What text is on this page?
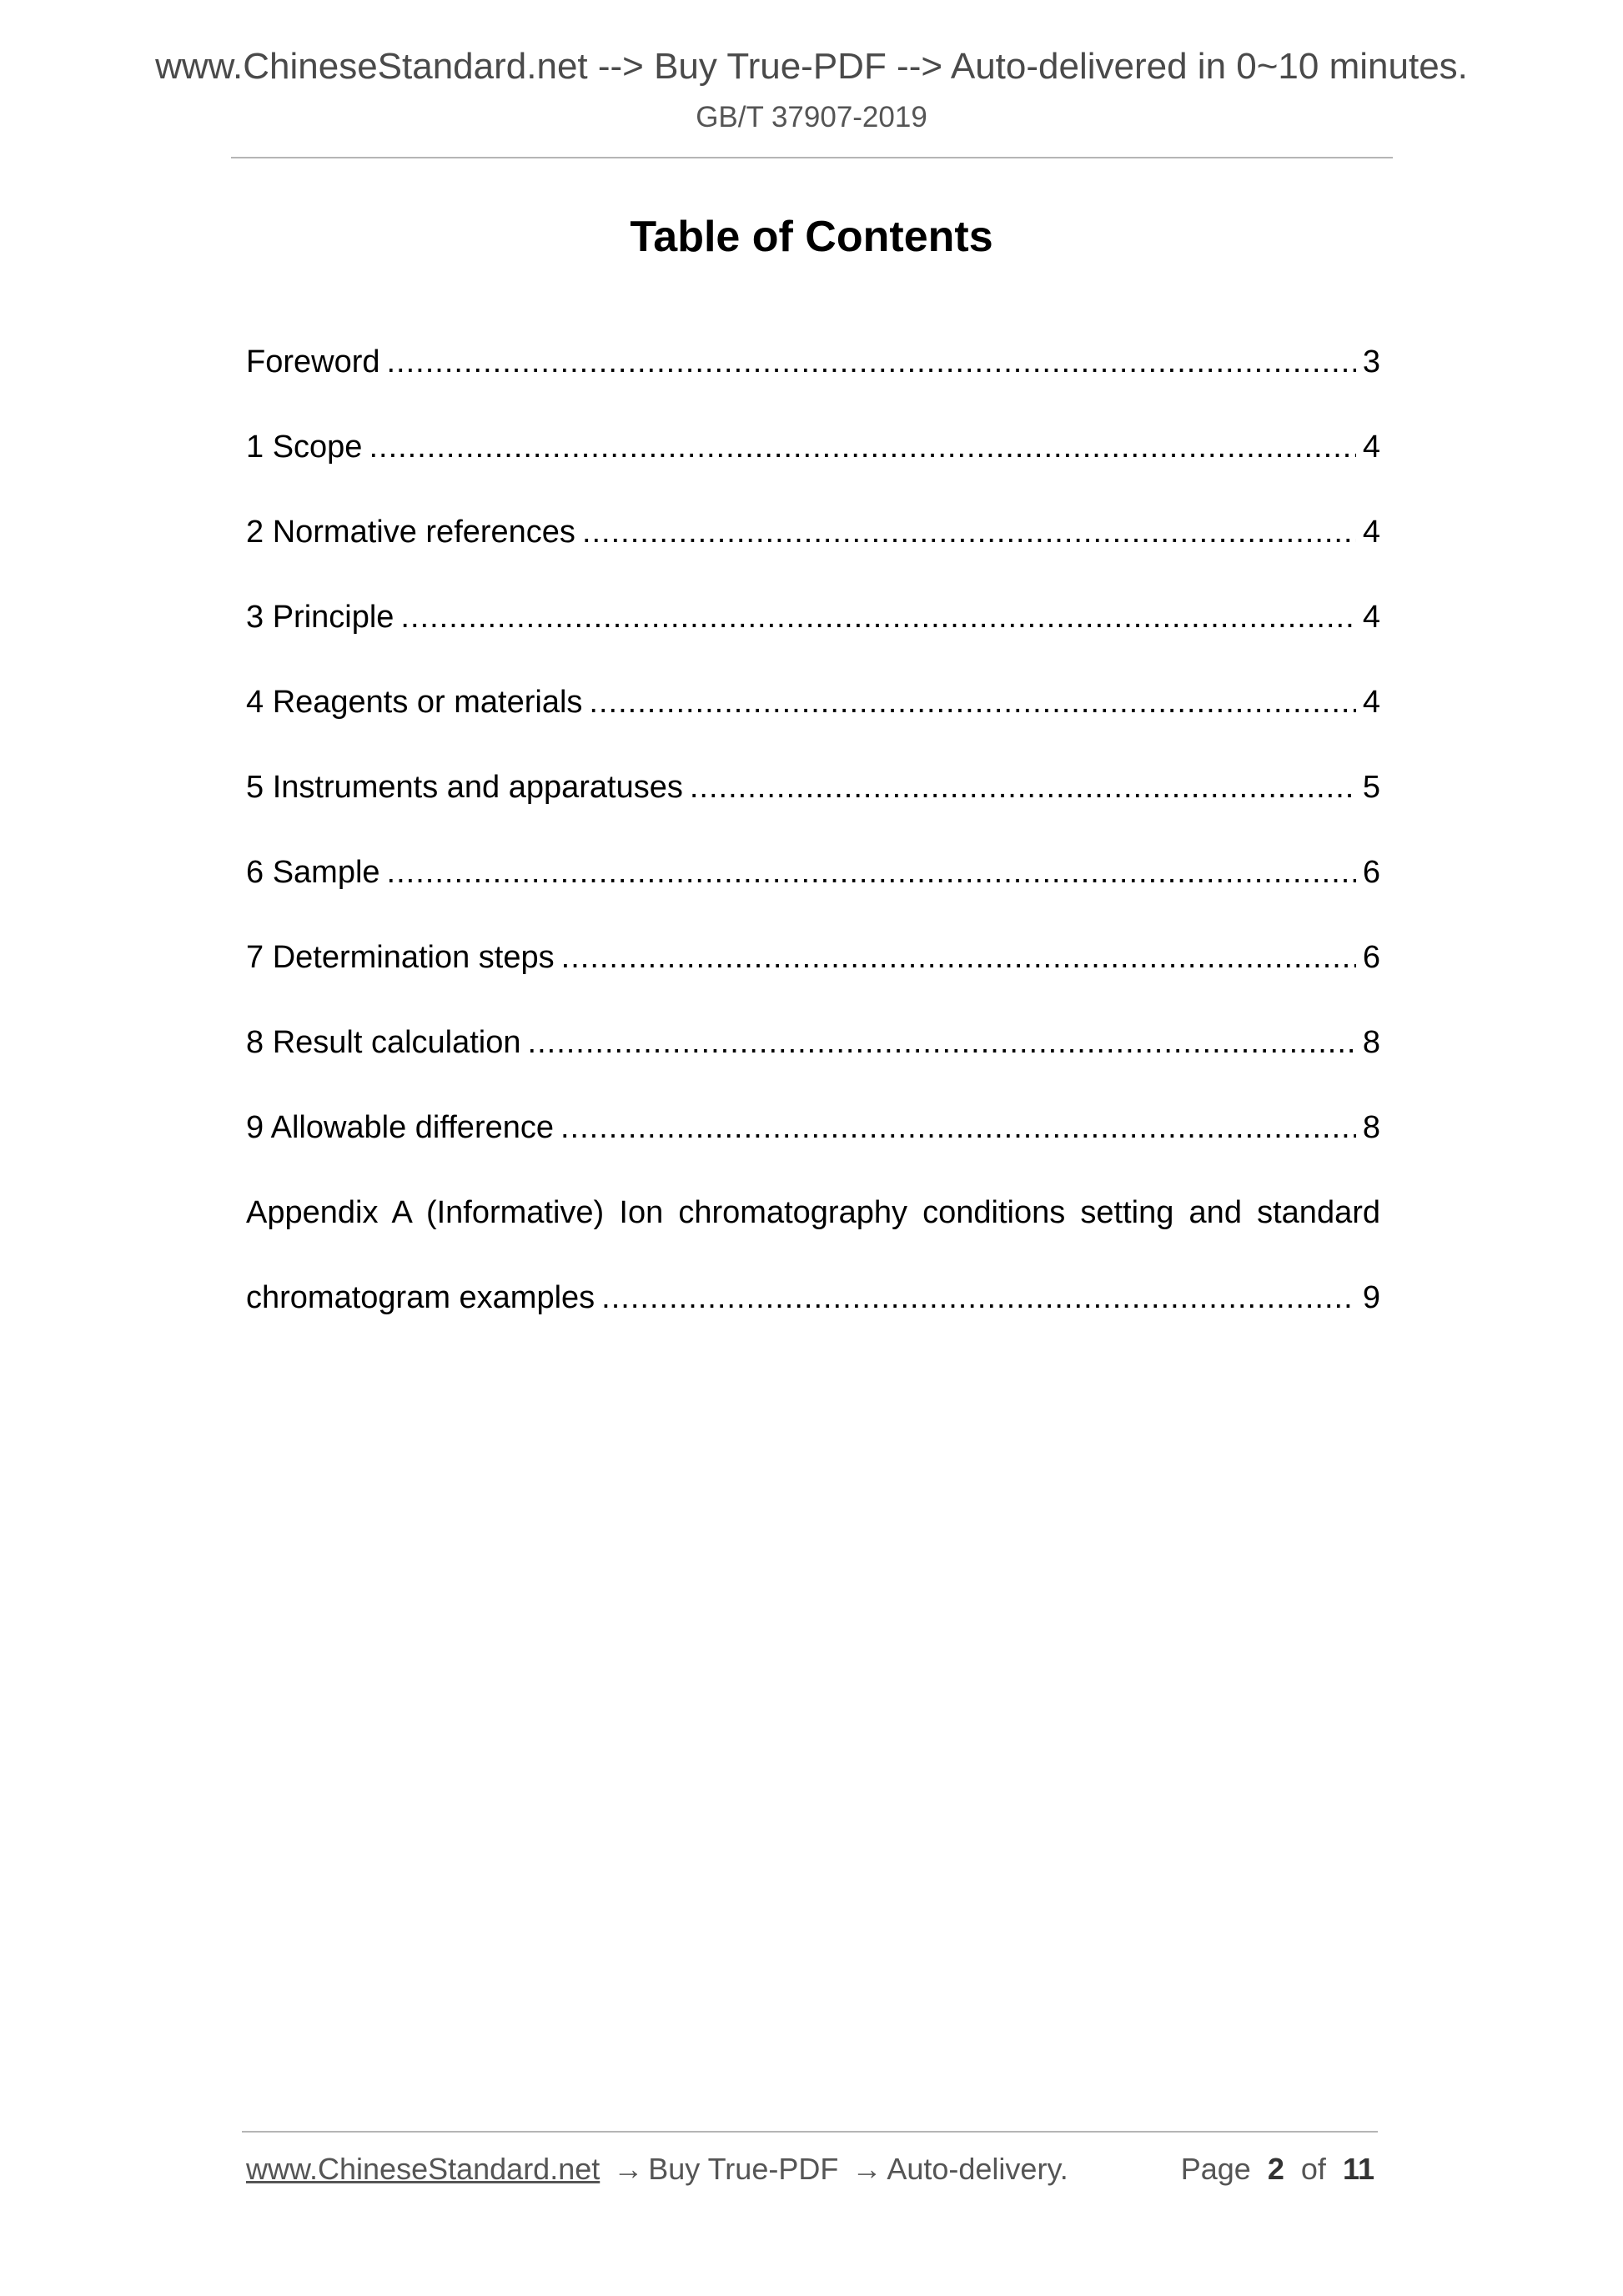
www.ChineseStandard.net --> Buy True-PDF --> Auto-delivered in 0~10 minutes.
GB/T 37907-2019
Table of Contents
Foreword .....	3
1 Scope .....	4
2 Normative references .....	4
3 Principle .....	4
4 Reagents or materials .....	4
5 Instruments and apparatuses .....	5
6 Sample .....	6
7 Determination steps .....	6
8 Result calculation .....	8
9 Allowable difference .....	8
Appendix A (Informative) Ion chromatography conditions setting and standard
chromatogram examples .....	9
www.ChineseStandard.net → Buy True-PDF → Auto-delivery.	Page 2 of 11
